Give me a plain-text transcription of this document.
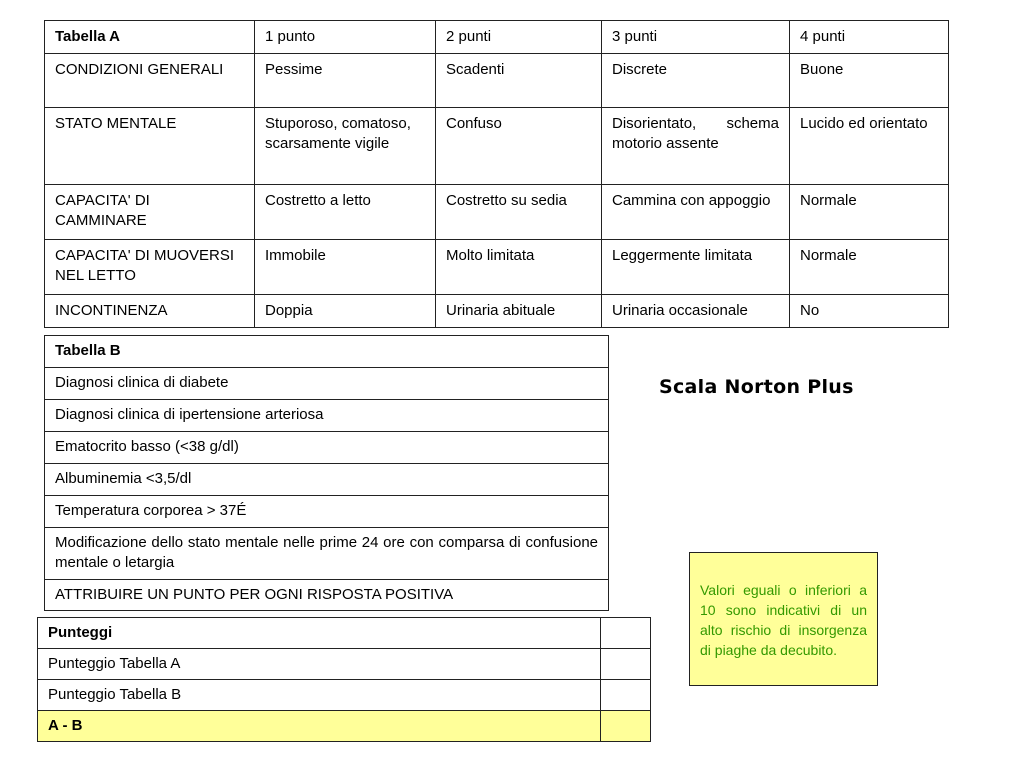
Tabella A	1 punto	2 punti	3 punti	4 punti
CONDIZIONI GENERALI	Pessime	Scadenti	Discrete	Buone
STATO MENTALE	Stuporoso, comatoso, scarsamente vigile	Confuso	Disorientato, schema motorio assente	Lucido ed orientato
CAPACITA' DI CAMMINARE	Costretto a letto	Costretto su sedia	Cammina con appoggio	Normale
CAPACITA' DI MUOVERSI NEL LETTO	Immobile	Molto limitata	Leggermente limitata	Normale
INCONTINENZA	Doppia	Urinaria abituale	Urinaria occasionale	No
Tabella B
Diagnosi clinica di diabete
Diagnosi clinica di ipertensione arteriosa
Ematocrito basso (<38 g/dl)
Albuminemia <3,5/dl
Temperatura corporea > 37É
Modificazione dello stato mentale nelle prime 24 ore con comparsa di confusione mentale o letargia
ATTRIBUIRE UN PUNTO PER OGNI RISPOSTA POSITIVA
Punteggi	
Punteggio Tabella A	
Punteggio Tabella B	
A - B	
Scala Norton Plus
Valori eguali o inferiori a 10 sono indicativi di un alto rischio di insorgenza di piaghe da decubito.
